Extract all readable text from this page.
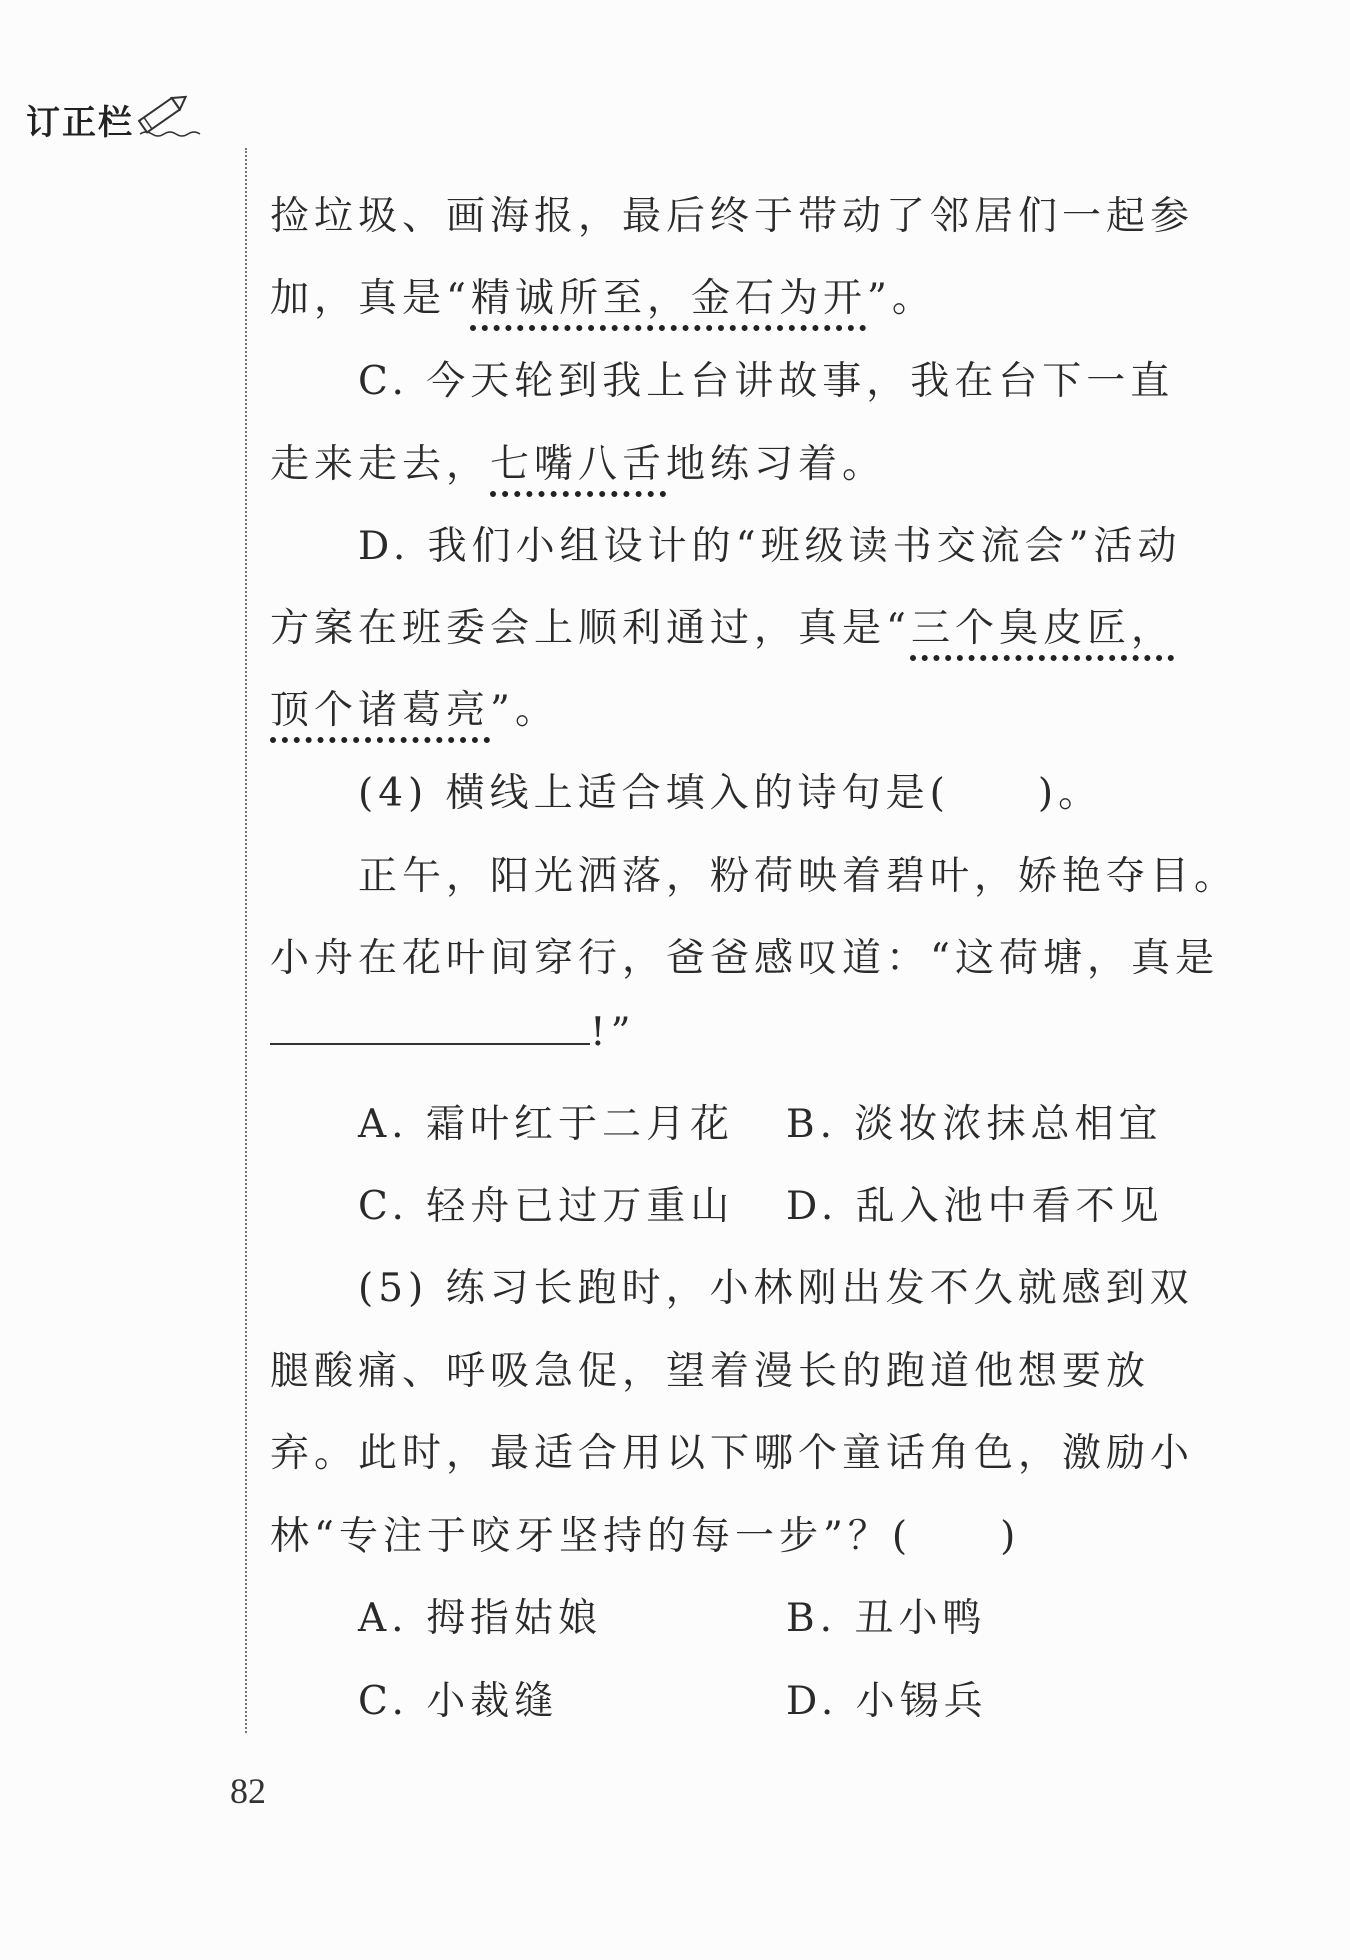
订正栏
捡垃圾、画海报，最后终于带动了邻居们一起参
加，真是“精诚所至，金石为开”。
C. 今天轮到我上台讲故事，我在台下一直
走来走去，七嘴八舌地练习着。
D. 我们小组设计的“班级读书交流会”活动
方案在班委会上顺利通过，真是“三个臭皮匠，
顶个诸葛亮”。
(4) 横线上适合填入的诗句是(　　)。
正午，阳光洒落，粉荷映着碧叶，娇艳夺目。
小舟在花叶间穿行，爸爸感叹道：“这荷塘，真是
!”
A. 霜叶红于二月花 B. 淡妆浓抹总相宜
C. 轻舟已过万重山 D. 乱入池中看不见
(5) 练习长跑时，小林刚出发不久就感到双
腿酸痛、呼吸急促，望着漫长的跑道他想要放
弃。此时，最适合用以下哪个童话角色，激励小
林“专注于咬牙坚持的每一步”？(　　)
A. 拇指姑娘	B. 丑小鸭
C. 小裁缝	D. 小锡兵
82
